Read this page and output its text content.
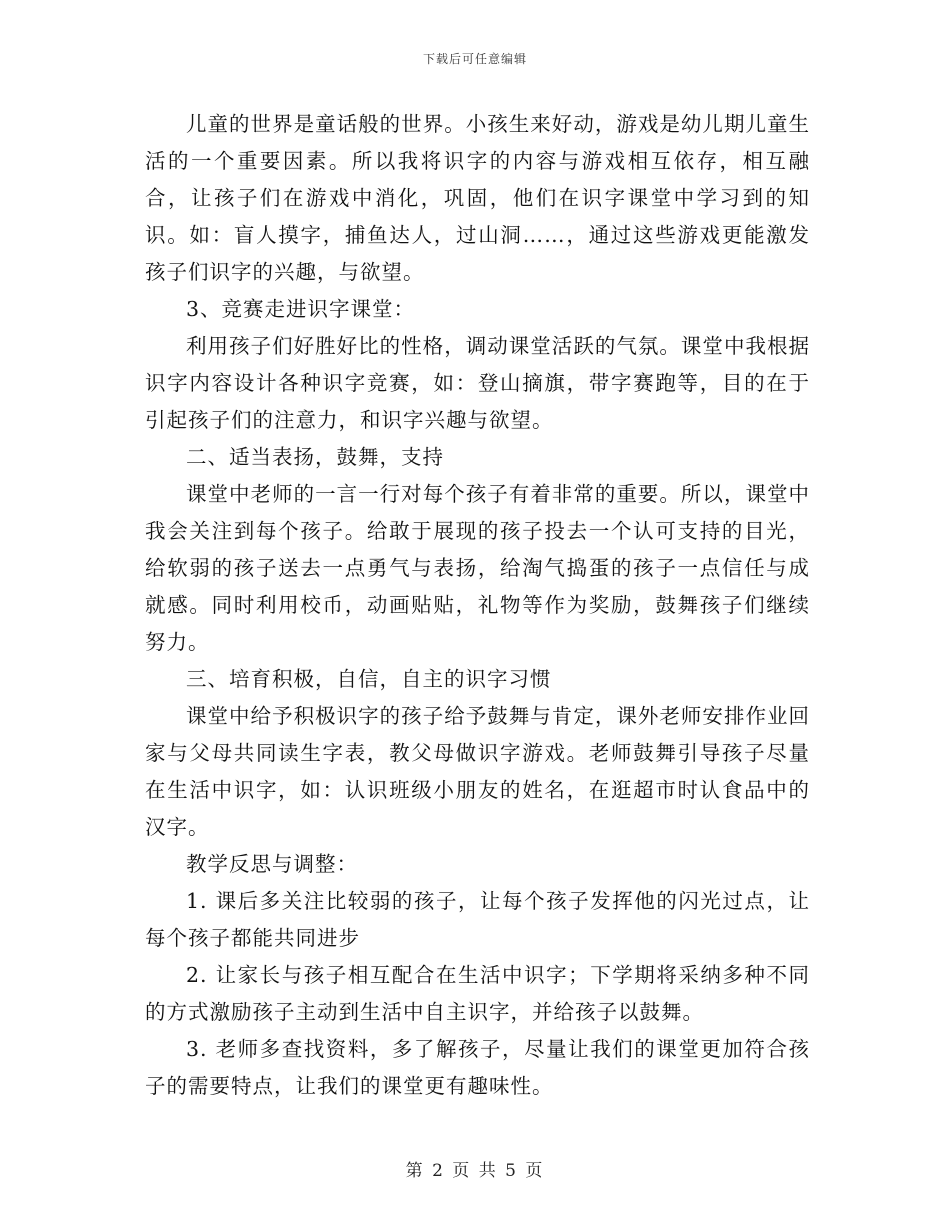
下载后可任意编辑

儿童的世界是童话般的世界。小孩生来好动，游戏是幼儿期儿童生活的一个重要因素。所以我将识字的内容与游戏相互依存，相互融合，让孩子们在游戏中消化，巩固，他们在识字课堂中学习到的知识。如：盲人摸字，捕鱼达人，过山洞……，通过这些游戏更能激发孩子们识字的兴趣，与欲望。

3、竞赛走进识字课堂：

利用孩子们好胜好比的性格，调动课堂活跃的气氛。课堂中我根据识字内容设计各种识字竞赛，如：登山摘旗，带字赛跑等，目的在于引起孩子们的注意力，和识字兴趣与欲望。

二、适当表扬，鼓舞，支持

课堂中老师的一言一行对每个孩子有着非常的重要。所以，课堂中我会关注到每个孩子。给敢于展现的孩子投去一个认可支持的目光，给软弱的孩子送去一点勇气与表扬，给淘气捣蛋的孩子一点信任与成就感。同时利用校币，动画贴贴，礼物等作为奖励，鼓舞孩子们继续努力。

三、培育积极，自信，自主的识字习惯

课堂中给予积极识字的孩子给予鼓舞与肯定，课外老师安排作业回家与父母共同读生字表，教父母做识字游戏。老师鼓舞引导孩子尽量在生活中识字，如：认识班级小朋友的姓名，在逛超市时认食品中的汉字。

教学反思与调整：

1. 课后多关注比较弱的孩子，让每个孩子发挥他的闪光过点，让每个孩子都能共同进步

2. 让家长与孩子相互配合在生活中识字；下学期将采纳多种不同的方式激励孩子主动到生活中自主识字，并给孩子以鼓舞。

3. 老师多查找资料，多了解孩子，尽量让我们的课堂更加符合孩子的需要特点，让我们的课堂更有趣味性。

第 2 页 共 5 页
